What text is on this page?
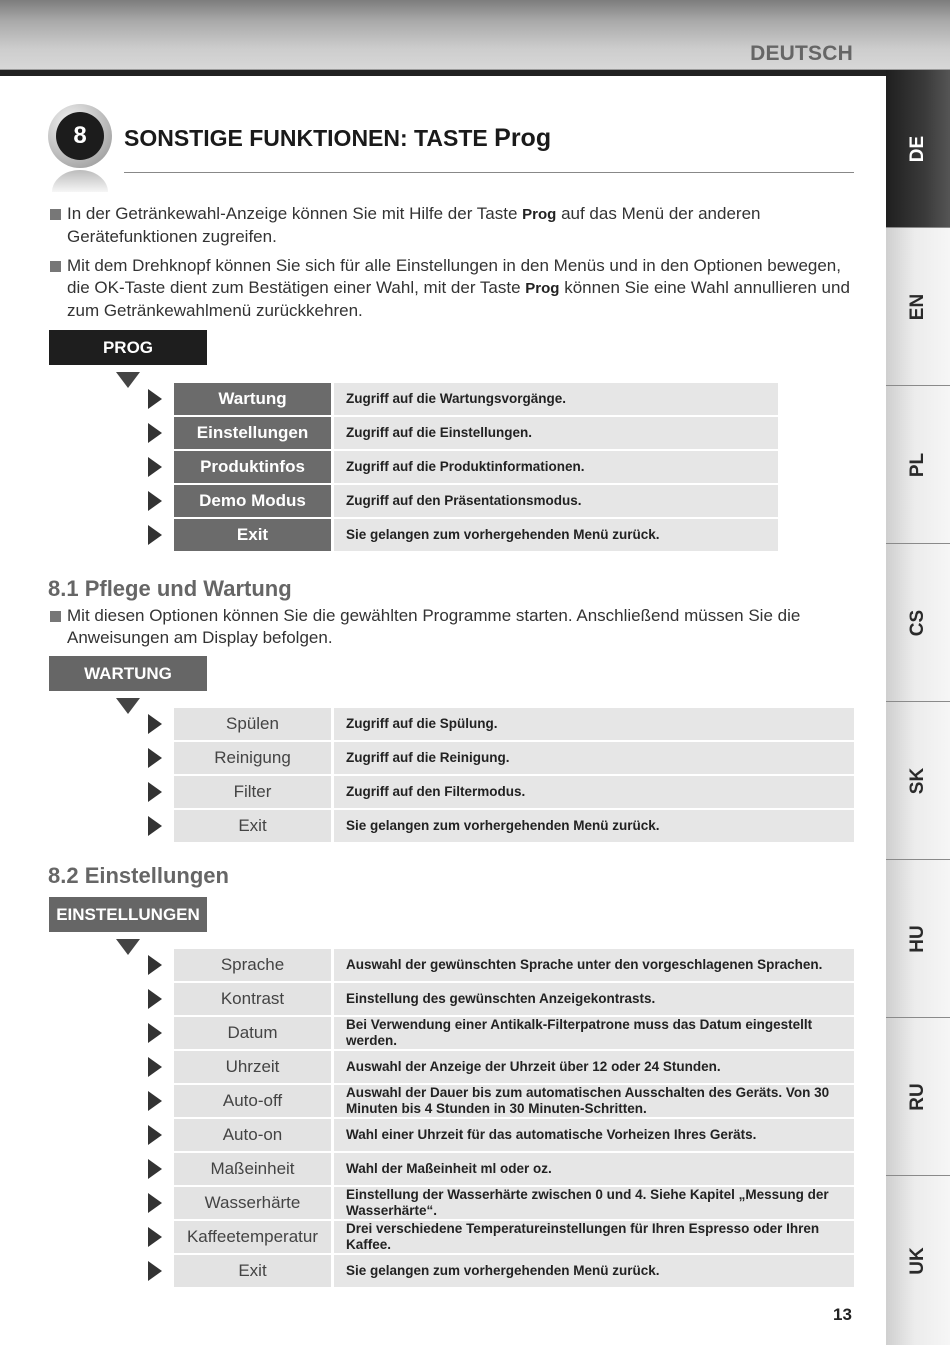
DEUTSCH
DE
EN
PL
CS
SK
HU
RU
UK
8	SONSTIGE FUNKTIONEN: TASTE Prog
In der Getränkewahl-Anzeige können Sie mit Hilfe der Taste Prog auf das Menü der anderen Gerätefunktionen zugreifen.
Mit dem Drehknopf können Sie sich für alle Einstellungen in den Menüs und in den Optionen bewegen, die OK-Taste dient zum Bestätigen einer Wahl, mit der Taste Prog können Sie eine Wahl annullieren und zum Getränkewahlmenü zurückkehren.
PROG
Wartung	Zugriff auf die Wartungsvorgänge.
Einstellungen	Zugriff auf die Einstellungen.
Produktinfos	Zugriff auf die Produktinformationen.
Demo Modus	Zugriff auf den Präsentationsmodus.
Exit	Sie gelangen zum vorhergehenden Menü zurück.
8.1 Pflege und Wartung
Mit diesen Optionen können Sie die gewählten Programme starten. Anschließend müssen Sie die Anweisungen am Display befolgen.
WARTUNG
Spülen	Zugriff auf die Spülung.
Reinigung	Zugriff auf die Reinigung.
Filter	Zugriff auf den Filtermodus.
Exit	Sie gelangen zum vorhergehenden Menü zurück.
8.2 Einstellungen
EINSTELLUNGEN
Sprache	Auswahl der gewünschten Sprache unter den vorgeschlagenen Sprachen.
Kontrast	Einstellung des gewünschten Anzeigekontrasts.
Datum	Bei Verwendung einer Antikalk-Filterpatrone muss das Datum eingestellt werden.
Uhrzeit	Auswahl der Anzeige der Uhrzeit über 12 oder 24 Stunden.
Auto-off	Auswahl der Dauer bis zum automatischen Ausschalten des Geräts. Von 30 Minuten bis 4 Stunden in 30 Minuten-Schritten.
Auto-on	Wahl einer Uhrzeit für das automatische Vorheizen Ihres Geräts.
Maßeinheit	Wahl der Maßeinheit ml oder oz.
Wasserhärte	Einstellung der Wasserhärte zwischen 0 und 4. Siehe Kapitel „Messung der Wasserhärte“.
Kaffeetemperatur	Drei verschiedene Temperatureinstellungen für Ihren Espresso oder Ihren Kaffee.
Exit	Sie gelangen zum vorhergehenden Menü zurück.
13
